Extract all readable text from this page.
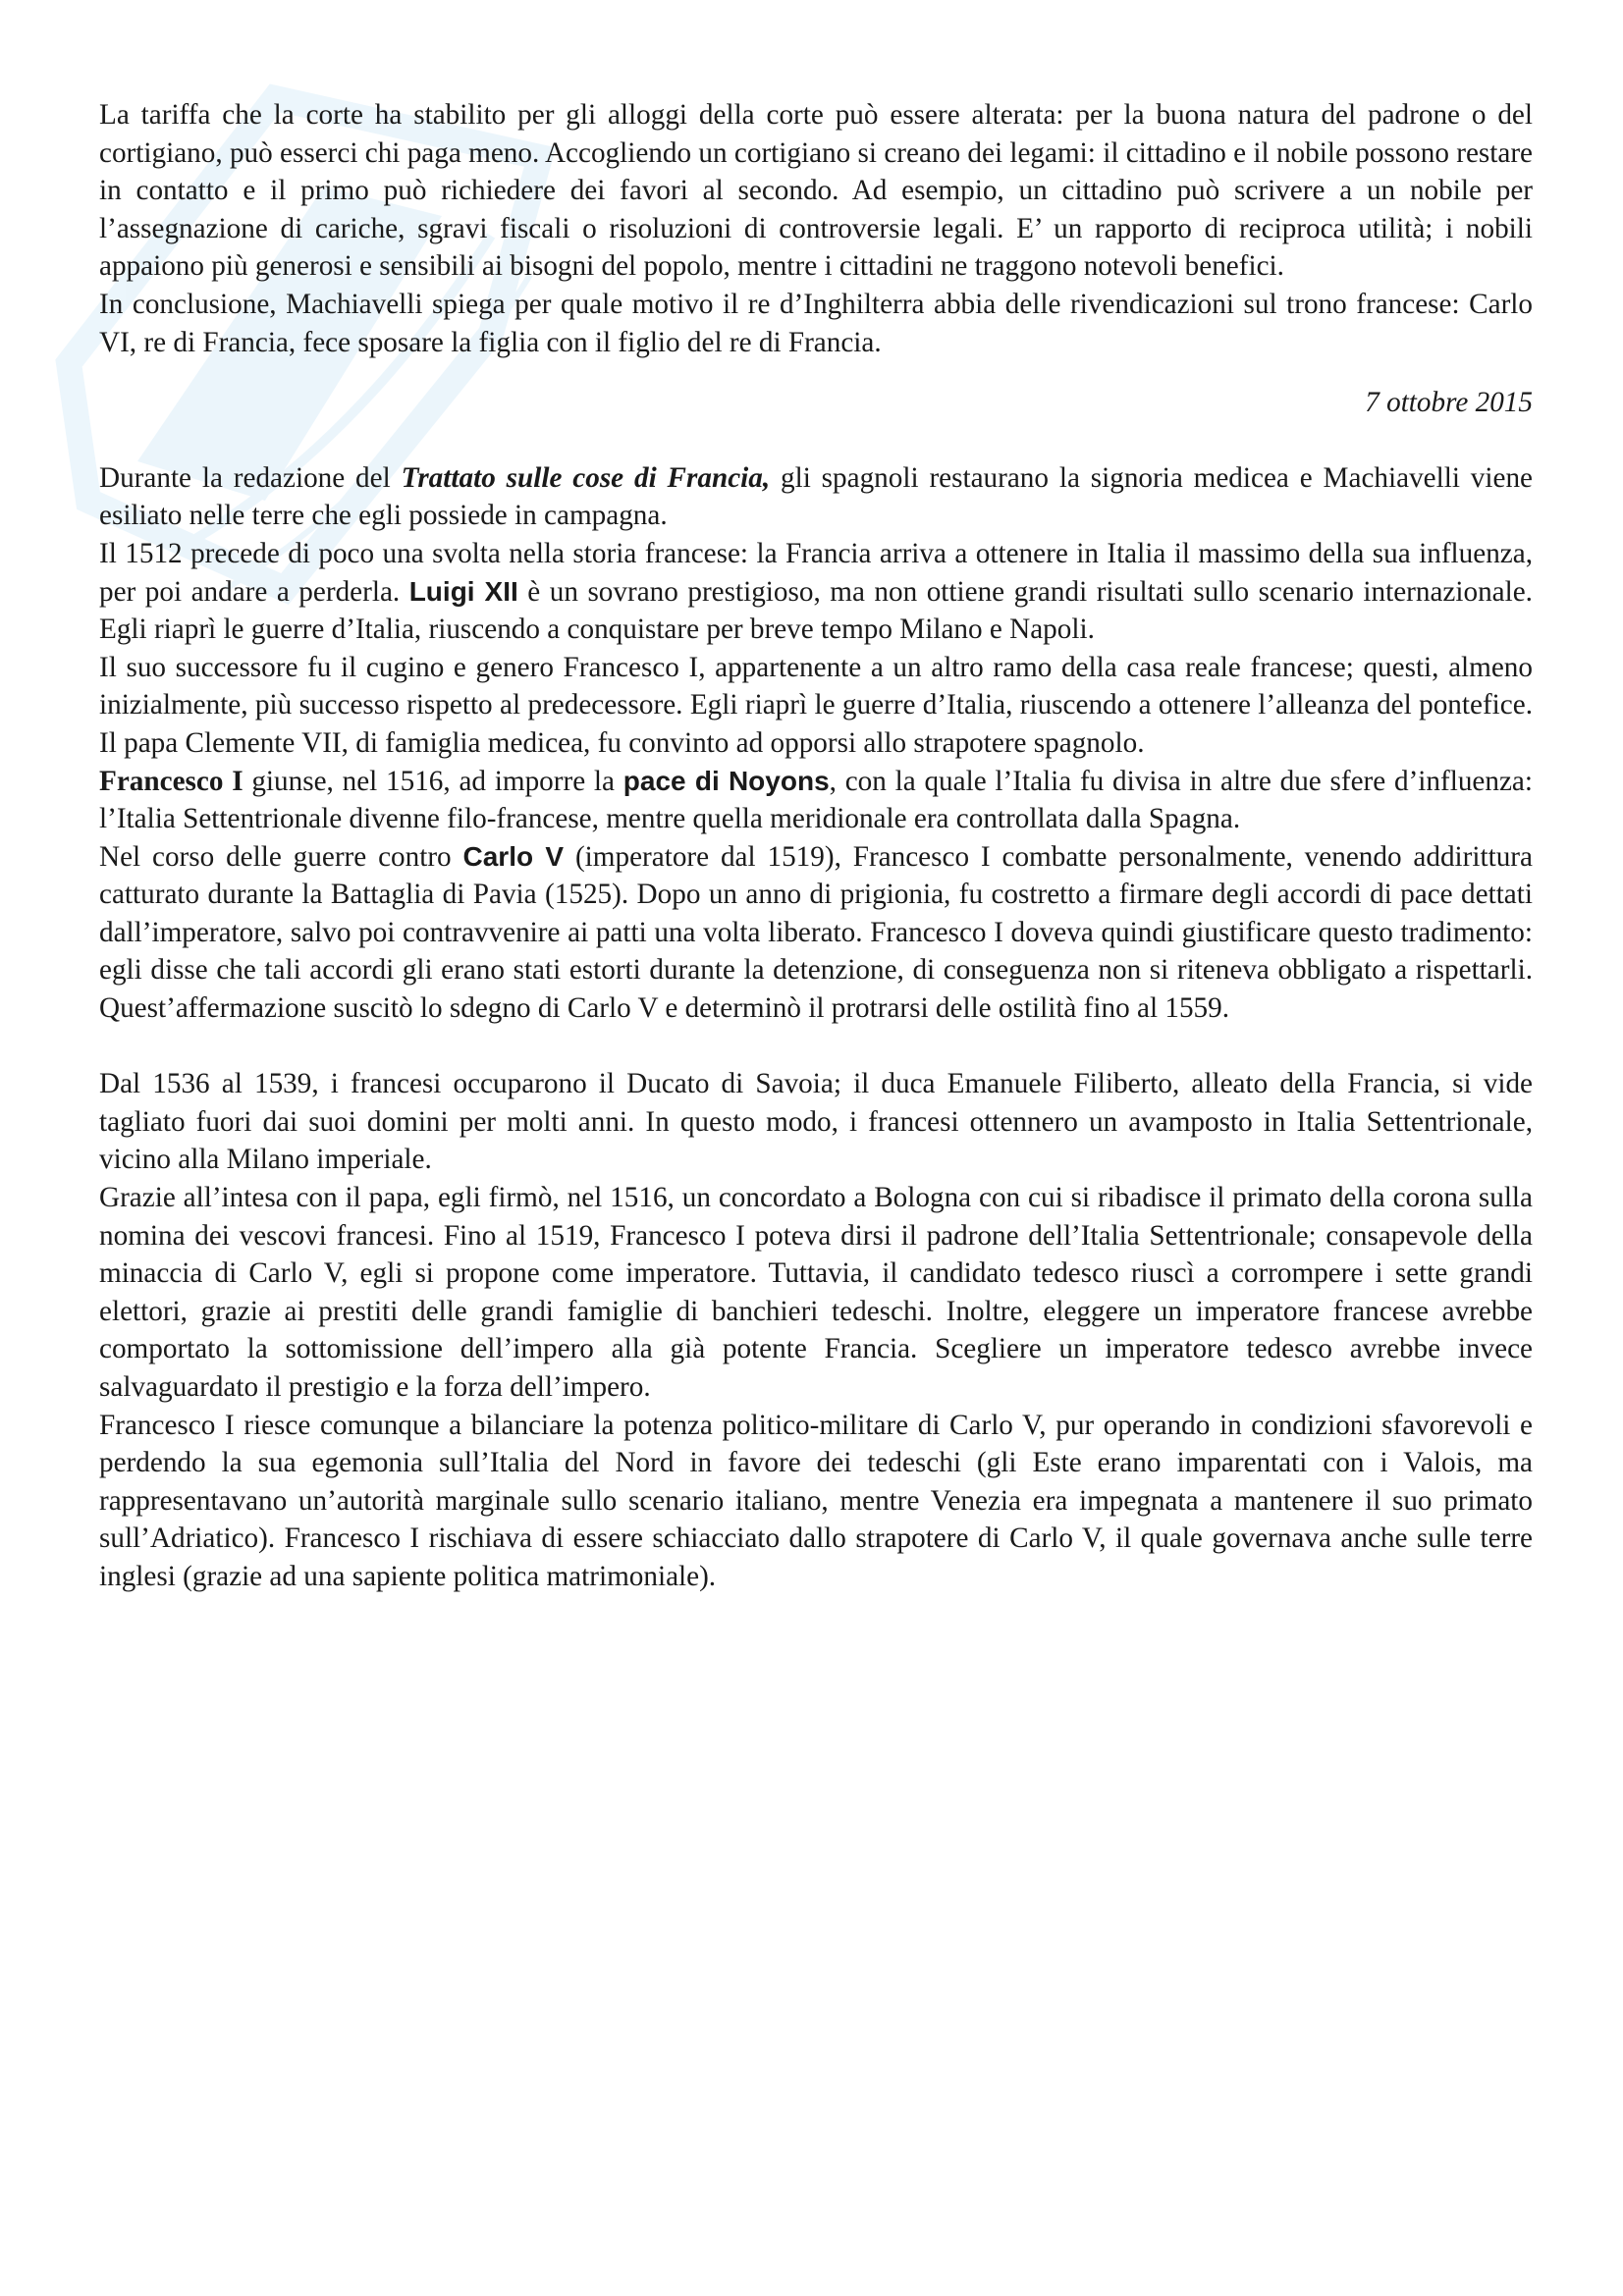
La tariffa che la corte ha stabilito per gli alloggi della corte può essere alterata: per la buona natura del padrone o del cortigiano, può esserci chi paga meno. Accogliendo un cortigiano si creano dei legami: il cittadino e il nobile possono restare in contatto e il primo può richiedere dei favori al secondo. Ad esempio, un cittadino può scrivere a un nobile per l’assegnazione di cariche, sgravi fiscali o risoluzioni di controversie legali. E’ un rapporto di reciproca utilità; i nobili appaiono più generosi e sensibili ai bisogni del popolo, mentre i cittadini ne traggono notevoli benefici.

In conclusione, Machiavelli spiega per quale motivo il re d’Inghilterra abbia delle rivendicazioni sul trono francese: Carlo VI, re di Francia, fece sposare la figlia con il figlio del re di Francia.

7 ottobre 2015

Durante la redazione del Trattato sulle cose di Francia, gli spagnoli restaurano la signoria medicea e Machiavelli viene esiliato nelle terre che egli possiede in campagna.

Il 1512 precede di poco una svolta nella storia francese: la Francia arriva a ottenere in Italia il massimo della sua influenza, per poi andare a perderla. Luigi XII è un sovrano prestigioso, ma non ottiene grandi risultati sullo scenario internazionale. Egli riaprì le guerre d’Italia, riuscendo a conquistare per breve tempo Milano e Napoli.

Il suo successore fu il cugino e genero Francesco I, appartenente a un altro ramo della casa reale francese; questi, almeno inizialmente, più successo rispetto al predecessore. Egli riaprì le guerre d’Italia, riuscendo a ottenere l’alleanza del pontefice. Il papa Clemente VII, di famiglia medicea, fu convinto ad opporsi allo strapotere spagnolo.

Francesco I giunse, nel 1516, ad imporre la pace di Noyons, con la quale l’Italia fu divisa in altre due sfere d’influenza: l’Italia Settentrionale divenne filo-francese, mentre quella meridionale era controllata dalla Spagna.

Nel corso delle guerre contro Carlo V (imperatore dal 1519), Francesco I combatte personalmente, venendo addirittura catturato durante la Battaglia di Pavia (1525). Dopo un anno di prigionia, fu costretto a firmare degli accordi di pace dettati dall’imperatore, salvo poi contravvenire ai patti una volta liberato. Francesco I doveva quindi giustificare questo tradimento: egli disse che tali accordi gli erano stati estorti durante la detenzione, di conseguenza non si riteneva obbligato a rispettarli. Quest’affermazione suscitò lo sdegno di Carlo V e determinò il protrarsi delle ostilità fino al 1559.

Dal 1536 al 1539, i francesi occuparono il Ducato di Savoia; il duca Emanuele Filiberto, alleato della Francia, si vide tagliato fuori dai suoi domini per molti anni. In questo modo, i francesi ottennero un avamposto in Italia Settentrionale, vicino alla Milano imperiale.

Grazie all’intesa con il papa, egli firmò, nel 1516, un concordato a Bologna con cui si ribadisce il primato della corona sulla nomina dei vescovi francesi. Fino al 1519, Francesco I poteva dirsi il padrone dell’Italia Settentrionale; consapevole della minaccia di Carlo V, egli si propone come imperatore. Tuttavia, il candidato tedesco riuscì a corrompere i sette grandi elettori, grazie ai prestiti delle grandi famiglie di banchieri tedeschi. Inoltre, eleggere un imperatore francese avrebbe comportato la sottomissione dell’impero alla già potente Francia. Scegliere un imperatore tedesco avrebbe invece salvaguardato il prestigio e la forza dell’impero.

Francesco I riesce comunque a bilanciare la potenza politico-militare di Carlo V, pur operando in condizioni sfavorevoli e perdendo la sua egemonia sull’Italia del Nord in favore dei tedeschi (gli Este erano imparentati con i Valois, ma rappresentavano un’autorità marginale sullo scenario italiano, mentre Venezia era impegnata a mantenere il suo primato sull’Adriatico). Francesco I rischiava di essere schiacciato dallo strapotere di Carlo V, il quale governava anche sulle terre inglesi (grazie ad una sapiente politica matrimoniale).
